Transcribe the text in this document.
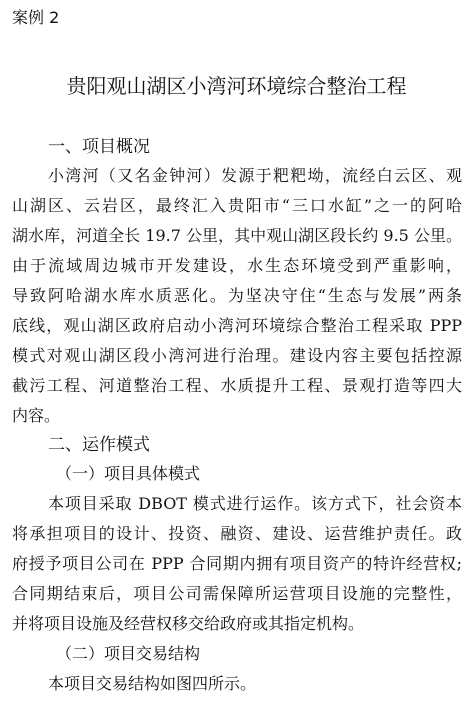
案例 2
贵阳观山湖区小湾河环境综合整治工程
一、项目概况
小湾河（又名金钟河）发源于粑粑坳，流经白云区、观
山湖区、云岩区，最终汇入贵阳市“三口水缸”之一的阿哈
湖水库，河道全长 19.7 公里，其中观山湖区段长约 9.5 公里。
由于流域周边城市开发建设，水生态环境受到严重影响，
导致阿哈湖水库水质恶化。为坚决守住“生态与发展”两条
底线，观山湖区政府启动小湾河环境综合整治工程采取 PPP
模式对观山湖区段小湾河进行治理。建设内容主要包括控源
截污工程、河道整治工程、水质提升工程、景观打造等四大
内容。
二、运作模式
（一）项目具体模式
本项目采取 DBOT 模式进行运作。该方式下，社会资本
将承担项目的设计、投资、融资、建设、运营维护责任。政
府授予项目公司在 PPP 合同期内拥有项目资产的特许经营权;
合同期结束后，项目公司需保障所运营项目设施的完整性，
并将项目设施及经营权移交给政府或其指定机构。
（二）项目交易结构
本项目交易结构如图四所示。
